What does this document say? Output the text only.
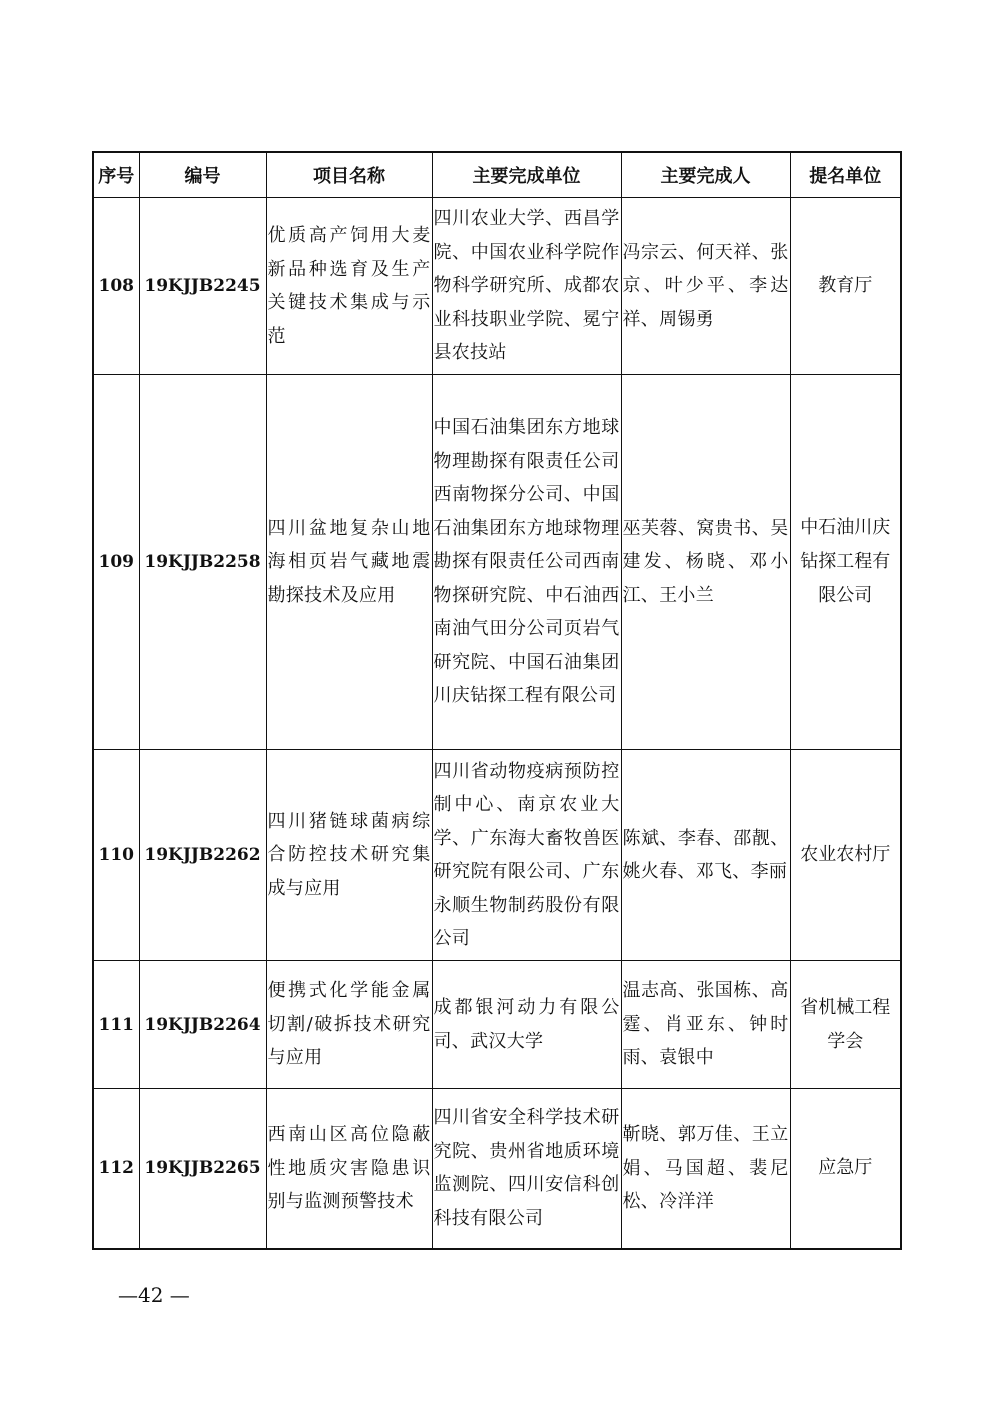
序号	编号	项目名称	主要完成单位	主要完成人	提名单位
108	19KJJB2245	优质高产饲用大麦新品种选育及生产关键技术集成与示范	四川农业大学、西昌学院、中国农业科学院作物科学研究所、成都农业科技职业学院、冕宁县农技站	冯宗云、何天祥、张京、叶少平、李达祥、周锡勇	教育厅
109	19KJJB2258	四川盆地复杂山地海相页岩气藏地震勘探技术及应用	中国石油集团东方地球物理勘探有限责任公司西南物探分公司、中国石油集团东方地球物理勘探有限责任公司西南物探研究院、中石油西南油气田分公司页岩气研究院、中国石油集团川庆钻探工程有限公司	巫芙蓉、窝贵书、吴建发、杨晓、邓小江、王小兰	中石油川庆钻探工程有限公司
110	19KJJB2262	四川猪链球菌病综合防控技术研究集成与应用	四川省动物疫病预防控制中心、南京农业大学、广东海大畜牧兽医研究院有限公司、广东永顺生物制药股份有限公司	陈斌、李春、邵靓、姚火春、邓飞、李丽	农业农村厅
111	19KJJB2264	便携式化学能金属切割/破拆技术研究与应用	成都银河动力有限公司、武汉大学	温志高、张国栋、高霆、肖亚东、钟时雨、袁银中	省机械工程学会
112	19KJJB2265	西南山区高位隐蔽性地质灾害隐患识别与监测预警技术	四川省安全科学技术研究院、贵州省地质环境监测院、四川安信科创科技有限公司	靳晓、郭万佳、王立娟、马国超、裴尼松、冷洋洋	应急厅
—42 —
